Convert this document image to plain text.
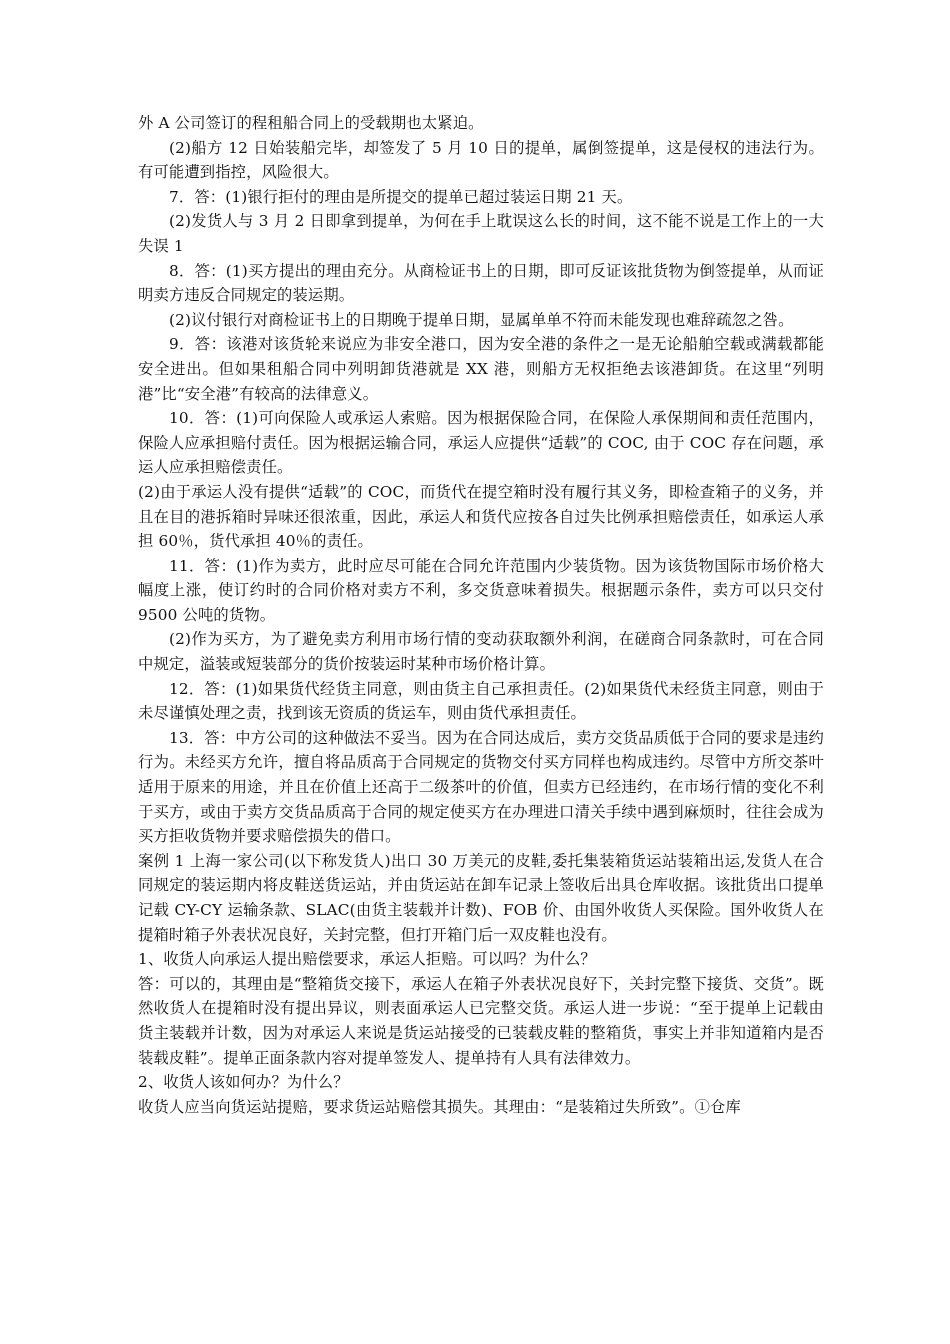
外 A 公司签订的程租船合同上的受载期也太紧迫。

(2)船方 12 日始装船完毕，却签发了 5 月 10 日的提单，属倒签提单，这是侵权的违法行为。有可能遭到指控，风险很大。

7．答：(1)银行拒付的理由是所提交的提单已超过装运日期 21 天。

(2)发货人与 3 月 2 日即拿到提单，为何在手上耽误这么长的时间，这不能不说是工作上的一大失误 1

8．答：(1)买方提出的理由充分。从商检证书上的日期，即可反证该批货物为倒签提单，从而证明卖方违反合同规定的装运期。

(2)议付银行对商检证书上的日期晚于提单日期，显属单单不符而未能发现也难辞疏忽之咎。

9．答：该港对该货轮来说应为非安全港口，因为安全港的条件之一是无论船舶空载或满载都能安全进出。但如果租船合同中列明卸货港就是 XX 港，则船方无权拒绝去该港卸货。在这里“列明港”比“安全港”有较高的法律意义。

10．答：(1)可向保险人或承运人索赔。因为根据保险合同，在保险人承保期间和责任范围内，保险人应承担赔付责任。因为根据运输合同，承运人应提供“适载”的 COC, 由于 COC 存在问题，承运人应承担赔偿责任。

(2)由于承运人没有提供“适载”的 COC，而货代在提空箱时没有履行其义务，即检查箱子的义务，并且在目的港拆箱时异味还很浓重，因此，承运人和货代应按各自过失比例承担赔偿责任，如承运人承担 60％，货代承担 40％的责任。

11．答：(1)作为卖方，此时应尽可能在合同允许范围内少装货物。因为该货物国际市场价格大幅度上涨，使订约时的合同价格对卖方不利，多交货意味着损失。根据题示条件，卖方可以只交付 9500 公吨的货物。

(2)作为买方，为了避免卖方利用市场行情的变动获取额外利润，在磋商合同条款时，可在合同中规定，溢装或短装部分的货价按装运时某种市场价格计算。

12．答：(1)如果货代经货主同意，则由货主自己承担责任。(2)如果货代未经货主同意，则由于未尽谨慎处理之责，找到该无资质的货运车，则由货代承担责任。

13．答：中方公司的这种做法不妥当。因为在合同达成后，卖方交货品质低于合同的要求是违约行为。未经买方允许，擅自将品质高于合同规定的货物交付买方同样也构成违约。尽管中方所交茶叶适用于原来的用途，并且在价值上还高于二级茶叶的价值，但卖方已经违约，在市场行情的变化不利于买方，或由于卖方交货品质高于合同的规定使买方在办理进口清关手续中遇到麻烦时，往往会成为买方拒收货物并要求赔偿损失的借口。

案例 1 上海一家公司(以下称发货人)出口 30 万美元的皮鞋,委托集装箱货运站装箱出运,发货人在合同规定的装运期内将皮鞋送货运站，并由货运站在卸车记录上签收后出具仓库收据。该批货出口提单记载 CY-CY 运输条款、SLAC(由货主装载并计数)、FOB 价、由国外收货人买保险。国外收货人在提箱时箱子外表状况良好，关封完整，但打开箱门后一双皮鞋也没有。

1、收货人向承运人提出赔偿要求，承运人拒赔。可以吗？为什么？

答：可以的，其理由是“整箱货交接下，承运人在箱子外表状况良好下，关封完整下接货、交货”。既然收货人在提箱时没有提出异议，则表面承运人已完整交货。承运人进一步说：“至于提单上记载由货主装载并计数，因为对承运人来说是货运站接受的已装载皮鞋的整箱货，事实上并非知道箱内是否装载皮鞋”。提单正面条款内容对提单签发人、提单持有人具有法律效力。

2、收货人该如何办？为什么？

收货人应当向货运站提赔，要求货运站赔偿其损失。其理由：“是装箱过失所致”。①仓库
